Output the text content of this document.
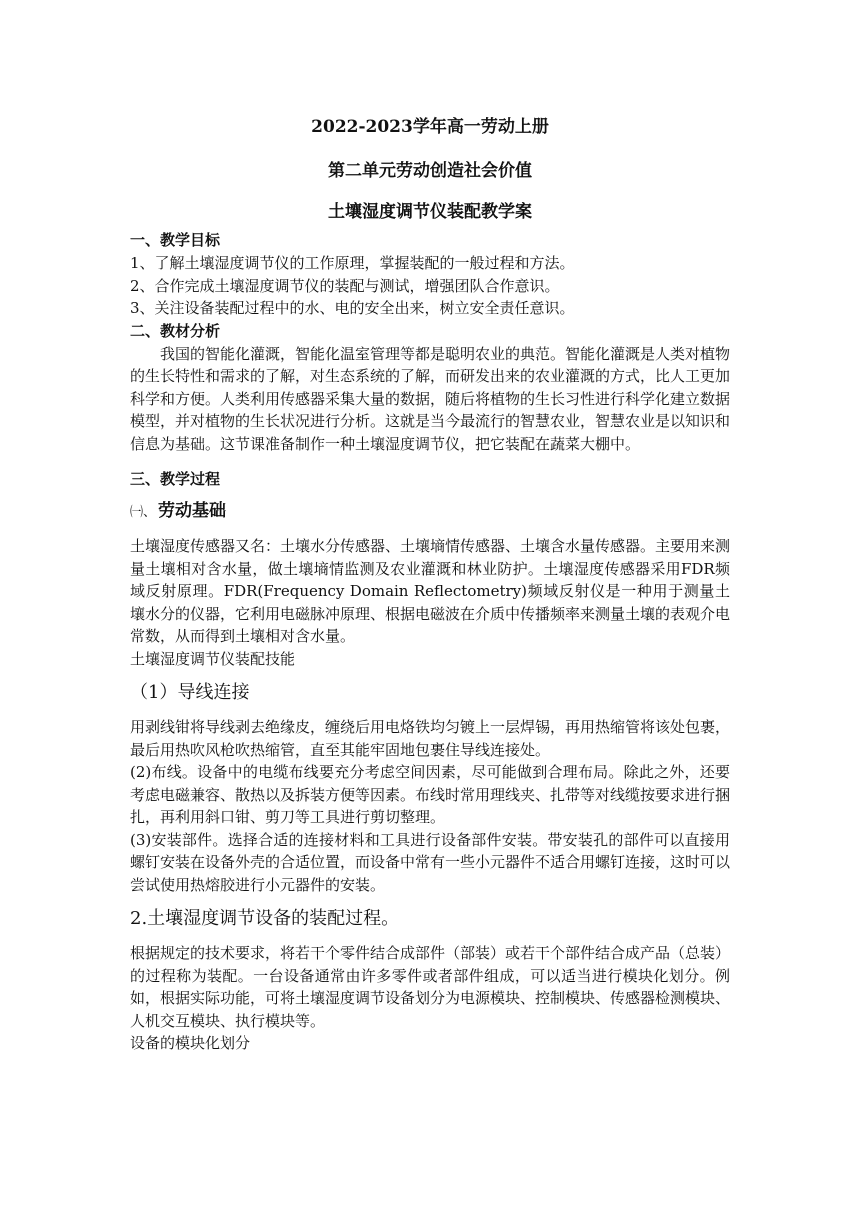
2022-2023学年高一劳动上册
第二单元劳动创造社会价值
土壤湿度调节仪装配教学案
一、教学目标
1、了解土壤湿度调节仪的工作原理，掌握装配的一般过程和方法。
2、合作完成土壤湿度调节仪的装配与测试，增强团队合作意识。
3、关注设备装配过程中的水、电的安全出来，树立安全责任意识。
二、教材分析
我国的智能化灌溉，智能化温室管理等都是聪明农业的典范。智能化灌溉是人类对植物的生长特性和需求的了解，对生态系统的了解，而研发出来的农业灌溉的方式，比人工更加科学和方便。人类利用传感器采集大量的数据，随后将植物的生长习性进行科学化建立数据模型，并对植物的生长状况进行分析。这就是当今最流行的智慧农业，智慧农业是以知识和信息为基础。这节课准备制作一种土壤湿度调节仪，把它装配在蔬菜大棚中。
三、教学过程
㈠、 劳动基础
土壤湿度传感器又名：土壤水分传感器、土壤墒情传感器、土壤含水量传感器。主要用来测量土壤相对含水量，做土壤墒情监测及农业灌溉和林业防护。土壤湿度传感器采用FDR频域反射原理。FDR(Frequency Domain Reflectometry)频域反射仪是一种用于测量土壤水分的仪器，它利用电磁脉冲原理、根据电磁波在介质中传播频率来测量土壤的表观介电常数，从而得到土壤相对含水量。
土壤湿度调节仪装配技能
（1）导线连接
用剥线钳将导线剥去绝缘皮，缠绕后用电烙铁均匀镀上一层焊锡，再用热缩管将该处包裹，最后用热吹风枪吹热缩管，直至其能牢固地包裹住导线连接处。
(2)布线。设备中的电缆布线要充分考虑空间因素，尽可能做到合理布局。除此之外，还要考虑电磁兼容、散热以及拆装方便等因素。布线时常用理线夹、扎带等对线缆按要求进行捆扎，再利用斜口钳、剪刀等工具进行剪切整理。
(3)安装部件。选择合适的连接材料和工具进行设备部件安装。带安装孔的部件可以直接用螺钉安装在设备外壳的合适位置，而设备中常有一些小元器件不适合用螺钉连接，这时可以尝试使用热熔胶进行小元器件的安装。
2.土壤湿度调节设备的装配过程。
根据规定的技术要求，将若干个零件结合成部件（部装）或若干个部件结合成产品（总装）的过程称为装配。一台设备通常由许多零件或者部件组成，可以适当进行模块化划分。例如，根据实际功能，可将土壤湿度调节设备划分为电源模块、控制模块、传感器检测模块、人机交互模块、执行模块等。
设备的模块化划分
